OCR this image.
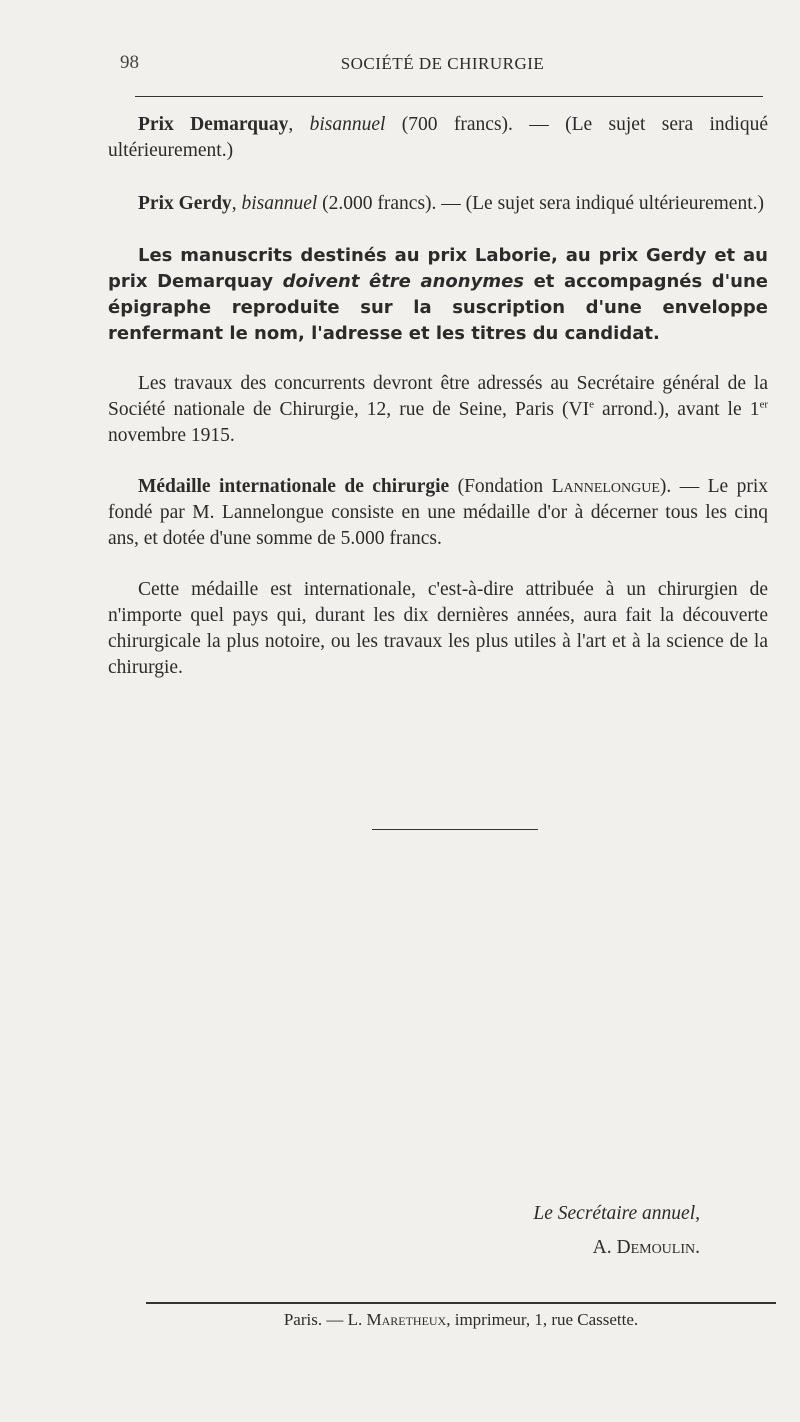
98	SOCIÉTÉ DE CHIRURGIE

Prix Demarquay, bisannuel (700 francs). — (Le sujet sera indiqué ultérieurement.)

Prix Gerdy, bisannuel (2.000 francs). — (Le sujet sera indiqué ultérieurement.)

Les manuscrits destinés au prix Laborie, au prix Gerdy et au prix Demarquay doivent être anonymes et accompagnés d'une épigraphe reproduite sur la suscription d'une enveloppe renfermant le nom, l'adresse et les titres du candidat.

Les travaux des concurrents devront être adressés au Secrétaire général de la Société nationale de Chirurgie, 12, rue de Seine, Paris (VIe arrond.), avant le 1er novembre 1915.

Médaille internationale de chirurgie (Fondation Lannelongue). — Le prix fondé par M. Lannelongue consiste en une médaille d'or à décerner tous les cinq ans, et dotée d'une somme de 5.000 francs.

Cette médaille est internationale, c'est-à-dire attribuée à un chirurgien de n'importe quel pays qui, durant les dix dernières années, aura fait la découverte chirurgicale la plus notoire, ou les travaux les plus utiles à l'art et à la science de la chirurgie.

Le Secrétaire annuel,
A. Demoulin.
Paris. — L. Maretheux, imprimeur, 1, rue Cassette.
